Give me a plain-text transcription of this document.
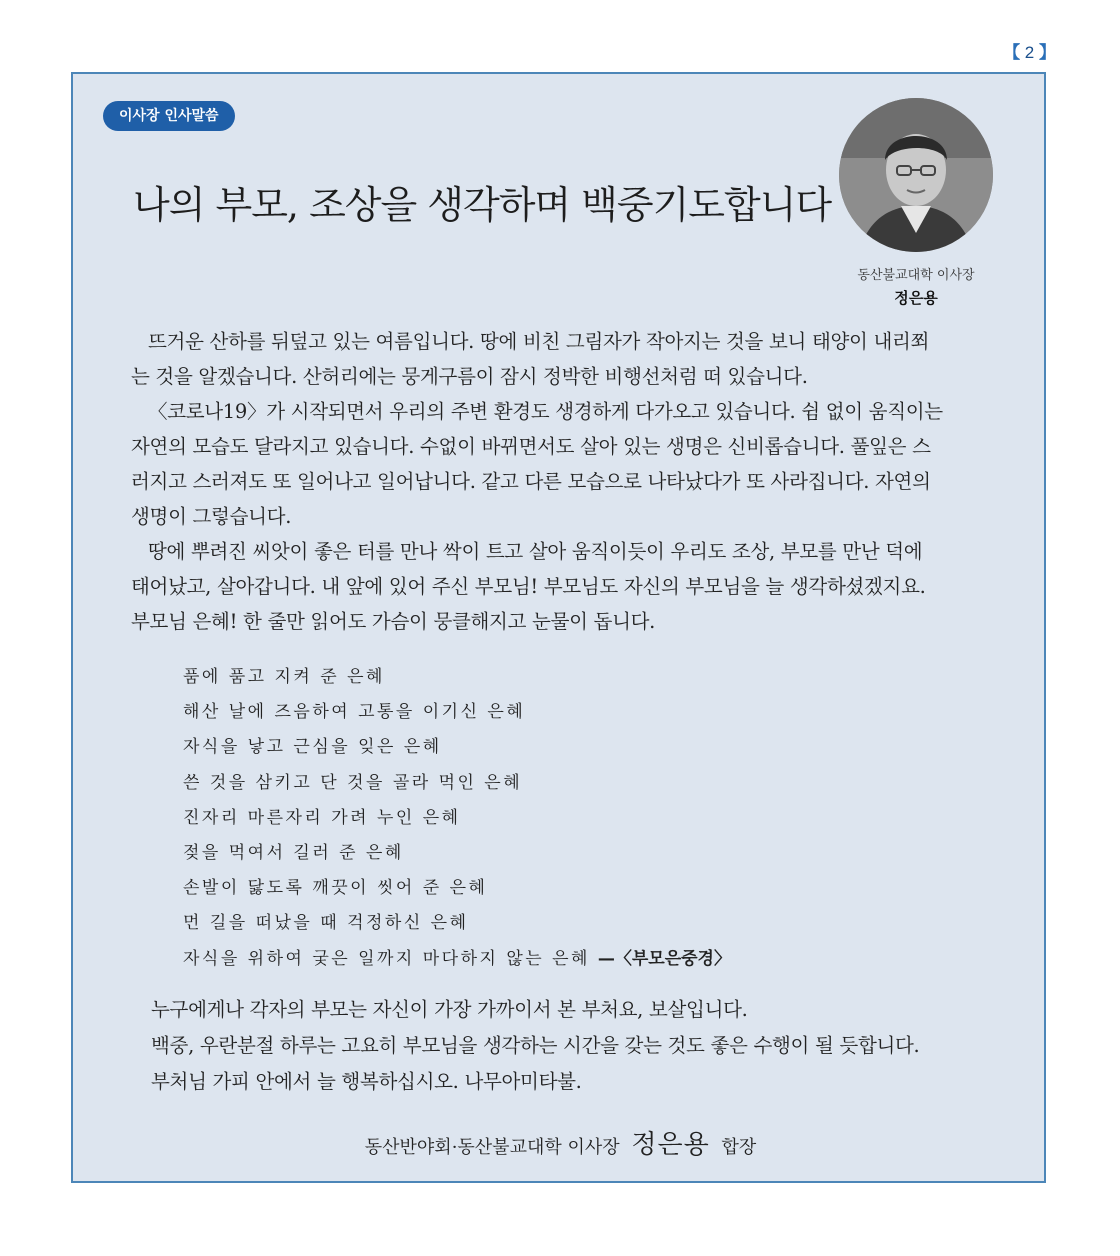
【 2 】
이사장 인사말씀
나의 부모, 조상을 생각하며 백중기도합니다
동산불교대학 이사장
정은용

뜨거운 산하를 뒤덮고 있는 여름입니다. 땅에 비친 그림자가 작아지는 것을 보니 태양이 내리쬐

는 것을 알겠습니다. 산허리에는 뭉게구름이 잠시 정박한 비행선처럼 떠 있습니다.

〈코로나19〉가 시작되면서 우리의 주변 환경도 생경하게 다가오고 있습니다. 쉼 없이 움직이는

자연의 모습도 달라지고 있습니다. 수없이 바뀌면서도 살아 있는 생명은 신비롭습니다. 풀잎은 스

러지고 스러져도 또 일어나고 일어납니다. 같고 다른 모습으로 나타났다가 또 사라집니다. 자연의

생명이 그렇습니다.

땅에 뿌려진 씨앗이 좋은 터를 만나 싹이 트고 살아 움직이듯이 우리도 조상, 부모를 만난 덕에

태어났고, 살아갑니다. 내 앞에 있어 주신 부모님! 부모님도 자신의 부모님을 늘 생각하셨겠지요.

부모님 은혜! 한 줄만 읽어도 가슴이 뭉클해지고 눈물이 돕니다.

품에 품고 지켜 준 은혜
해산 날에 즈음하여 고통을 이기신 은혜
자식을 낳고 근심을 잊은 은혜
쓴 것을 삼키고 단 것을 골라 먹인 은혜
진자리 마른자리 가려 누인 은혜
젖을 먹여서 길러 준 은혜
손발이 닳도록 깨끗이 씻어 준 은혜
먼 길을 떠났을 때 걱정하신 은혜
자식을 위하여 궂은 일까지 마다하지 않는 은혜 —〈부모은중경〉

누구에게나 각자의 부모는 자신이 가장 가까이서 본 부처요, 보살입니다.

백중, 우란분절 하루는 고요히 부모님을 생각하는 시간을 갖는 것도 좋은 수행이 될 듯합니다.

부처님 가피 안에서 늘 행복하십시오. 나무아미타불.

동산반야회·동산불교대학 이사장 정은용 합장
